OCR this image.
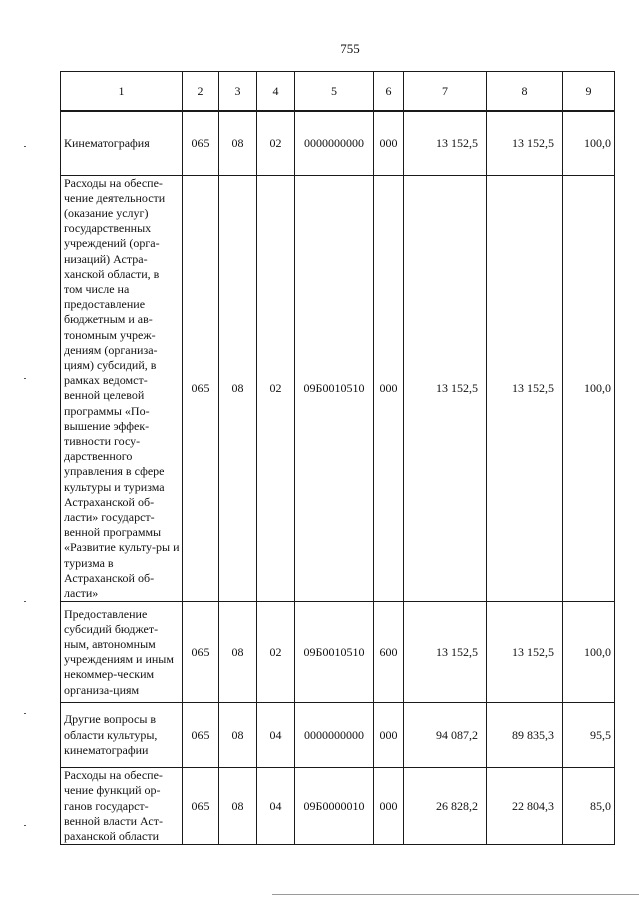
755
1	2	3	4	5	6	7	8	9
Кинематография	065	08	02	0000000000	000	13 152,5	13 152,5	100,0
Расходы на обеспе-чение деятельности (оказание услуг) государственных учреждений (орга-низаций) Астра-ханской области, в том числе на предоставление бюджетным и ав-тономным учреж-дениям (организа-циям) субсидий, в рамках ведомст-венной целевой программы «По-вышение эффек-тивности госу-дарственного управления в сфере культуры и туризма Астраханской об-ласти» государст-венной программы «Развитие культу-ры и туризма в Астраханской об-ласти»	065	08	02	09Б0010510	000	13 152,5	13 152,5	100,0
Предоставление субсидий бюджет-ным, автономным учреждениям и иным некоммер-ческим организа-циям	065	08	02	09Б0010510	600	13 152,5	13 152,5	100,0
Другие вопросы в области культуры, кинематографии	065	08	04	0000000000	000	94 087,2	89 835,3	95,5
Расходы на обеспе-чение функций ор-ганов государст-венной власти Аст-раханской области	065	08	04	09Б0000010	000	26 828,2	22 804,3	85,0
